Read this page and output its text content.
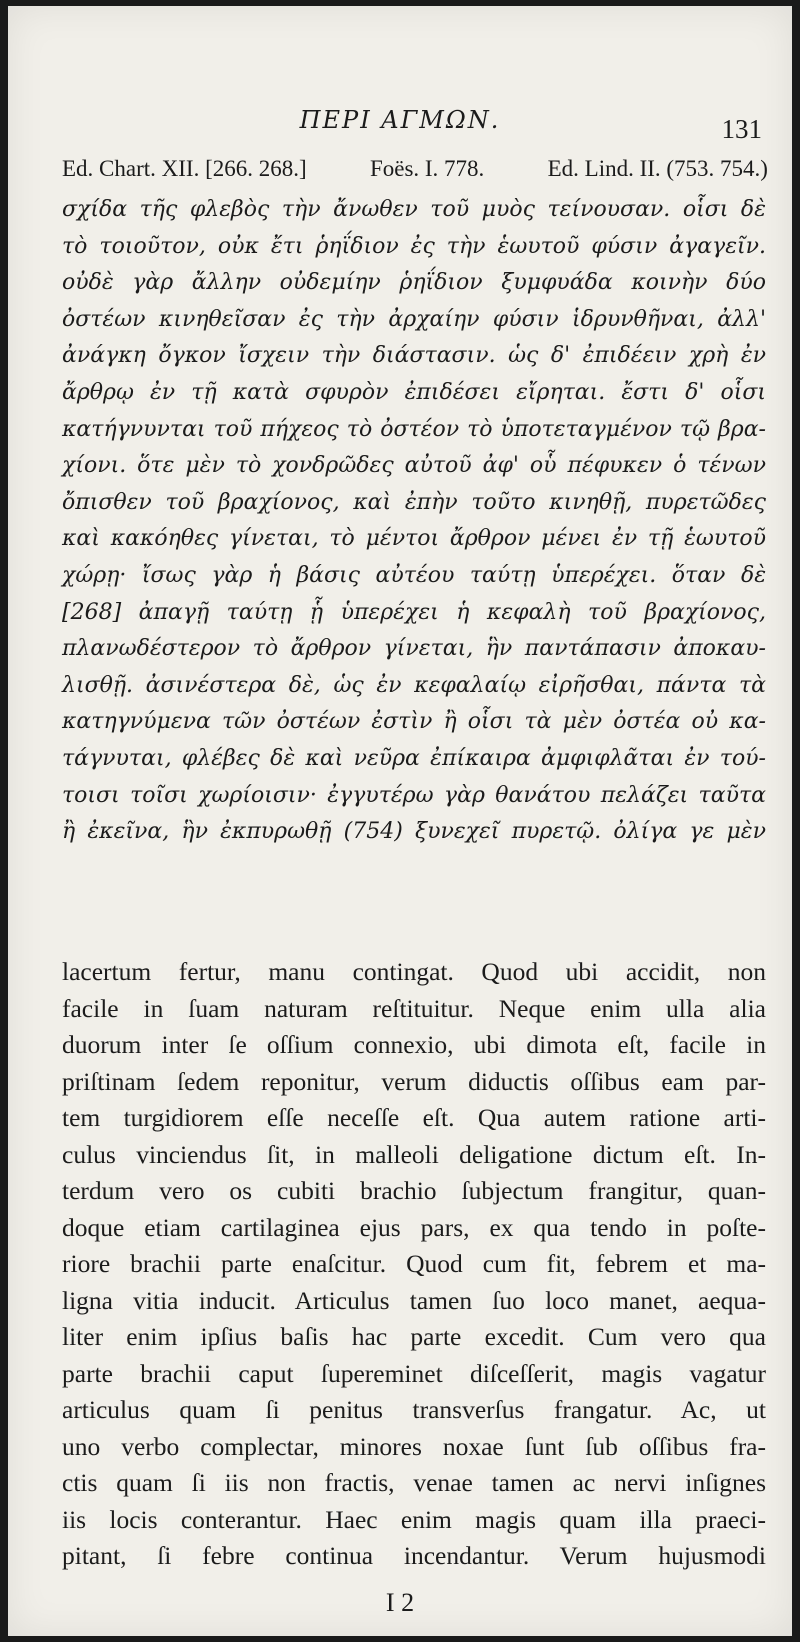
ΠΕΡΙ ΑΓΜΩΝ.	131
Ed. Chart. XII. [266. 268.]	Foës. I. 778.	Ed. Lind. II. (753. 754.)
σχίδα τῆς φλεβὸς τὴν ἄνωθεν τοῦ μυὸς τείνουσαν. οἷσι δὲ
τὸ τοιοῦτον, οὐκ ἔτι ῥηΐδιον ἐς τὴν ἑωυτοῦ φύσιν ἀγαγεῖν.
οὐδὲ γὰρ ἄλλην οὐδεμίην ῥηΐδιον ξυμφυάδα κοινὴν δύο
ὀστέων κινηθεῖσαν ἐς τὴν ἀρχαίην φύσιν ἱδρυνθῆναι, ἀλλ'
ἀνάγκη ὄγκον ἴσχειν τὴν διάστασιν. ὡς δ' ἐπιδέειν χρὴ ἐν
ἄρθρῳ ἐν τῇ κατὰ σφυρὸν ἐπιδέσει εἴρηται. ἔστι δ' οἷσι
κατήγνυνται τοῦ πήχεος τὸ ὀστέον τὸ ὑποτεταγμένον τῷ βρα-
χίονι. ὅτε μὲν τὸ χονδρῶδες αὐτοῦ ἀφ' οὗ πέφυκεν ὁ τένων
ὄπισθεν τοῦ βραχίονος, καὶ ἐπὴν τοῦτο κινηθῇ, πυρετῶδες
καὶ κακόηθες γίνεται, τὸ μέντοι ἄρθρον μένει ἐν τῇ ἑωυτοῦ
χώρῃ· ἴσως γὰρ ἡ βάσις αὐτέου ταύτῃ ὑπερέχει. ὅταν δὲ
[268] ἀπαγῇ ταύτῃ ᾗ ὑπερέχει ἡ κεφαλὴ τοῦ βραχίονος,
πλανωδέστερον τὸ ἄρθρον γίνεται, ἣν παντάπασιν ἀποκαυ-
λισθῇ. ἀσινέστερα δὲ, ὡς ἐν κεφαλαίῳ εἰρῆσθαι, πάντα τὰ
κατηγνύμενα τῶν ὀστέων ἐστὶν ἢ οἷσι τὰ μὲν ὀστέα οὐ κα-
τάγνυται, φλέβες δὲ καὶ νεῦρα ἐπίκαιρα ἀμφιφλᾶται ἐν τού-
τοισι τοῖσι χωρίοισιν· ἐγγυτέρω γὰρ θανάτου πελάζει ταῦτα
ἢ ἐκεῖνα, ἣν ἐκπυρωθῇ (754) ξυνεχεῖ πυρετῷ. ὀλίγα γε μὲν
lacertum fertur, manu contingat. Quod ubi accidit, non
facile in ſuam naturam reſtituitur. Neque enim ulla alia
duorum inter ſe oſſium connexio, ubi dimota eſt, facile in
priſtinam ſedem reponitur, verum diductis oſſibus eam par-
tem turgidiorem eſſe neceſſe eſt. Qua autem ratione arti-
culus vinciendus ſit, in malleoli deligatione dictum eſt. In-
terdum vero os cubiti brachio ſubjectum frangitur, quan-
doque etiam cartilaginea ejus pars, ex qua tendo in poſte-
riore brachii parte enaſcitur. Quod cum fit, febrem et ma-
ligna vitia inducit. Articulus tamen ſuo loco manet, aequa-
liter enim ipſius baſis hac parte excedit. Cum vero qua
parte brachii caput ſupereminet diſceſſerit, magis vagatur
articulus quam ſi penitus transverſus frangatur. Ac, ut
uno verbo complectar, minores noxae ſunt ſub oſſibus fra-
ctis quam ſi iis non fractis, venae tamen ac nervi inſignes
iis locis conterantur. Haec enim magis quam illa praeci-
pitant, ſi febre continua incendantur. Verum hujusmodi
I 2
